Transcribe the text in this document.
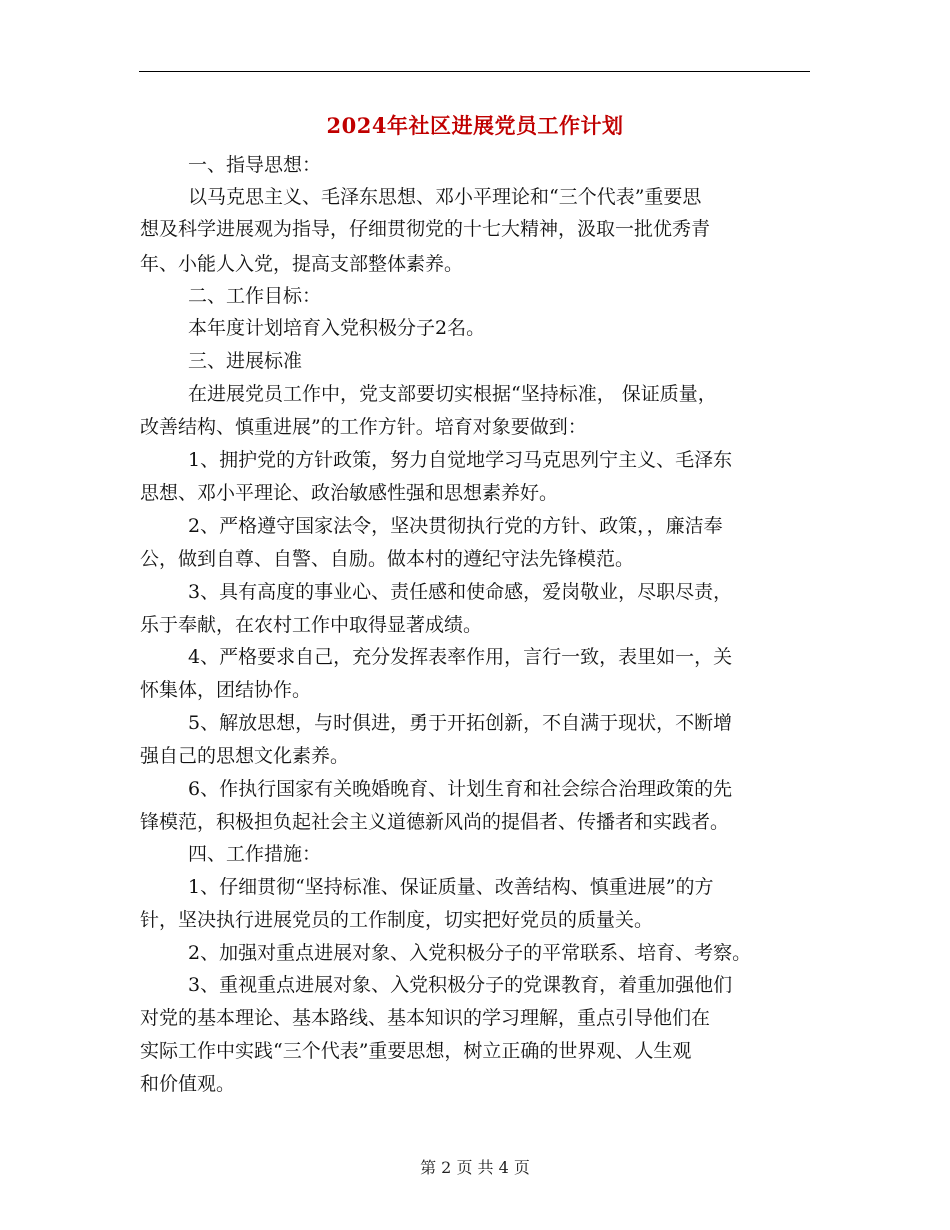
2024年社区进展党员工作计划
一、指导思想：
以马克思主义、毛泽东思想、邓小平理论和“三个代表”重要思
想及科学进展观为指导，仔细贯彻党的十七大精神，汲取一批优秀青
年、小能人入党，提高支部整体素养。
二、工作目标：
本年度计划培育入党积极分子2名。
三、进展标准
在进展党员工作中，党支部要切实根据“坚持标准， 保证质量，
改善结构、慎重进展”的工作方针。培育对象要做到：
1、拥护党的方针政策，努力自觉地学习马克思列宁主义、毛泽东
思想、邓小平理论、政治敏感性强和思想素养好。
2、严格遵守国家法令，坚决贯彻执行党的方针、政策，，廉洁奉
公，做到自尊、自警、自励。做本村的遵纪守法先锋模范。
3、具有高度的事业心、责任感和使命感，爱岗敬业，尽职尽责，
乐于奉献，在农村工作中取得显著成绩。
4、严格要求自己，充分发挥表率作用，言行一致，表里如一，关
怀集体，团结协作。
5、解放思想，与时俱进，勇于开拓创新，不自满于现状，不断增
强自己的思想文化素养。
6、作执行国家有关晚婚晚育、计划生育和社会综合治理政策的先
锋模范，积极担负起社会主义道德新风尚的提倡者、传播者和实践者。
四、工作措施：
1、仔细贯彻“坚持标准、保证质量、改善结构、慎重进展”的方
针，坚决执行进展党员的工作制度，切实把好党员的质量关。
2、加强对重点进展对象、入党积极分子的平常联系、培育、考察。
3、重视重点进展对象、入党积极分子的党课教育，着重加强他们
对党的基本理论、基本路线、基本知识的学习理解，重点引导他们在
实际工作中实践“三个代表”重要思想，树立正确的世界观、人生观
和价值观。
第 2 页 共 4 页
